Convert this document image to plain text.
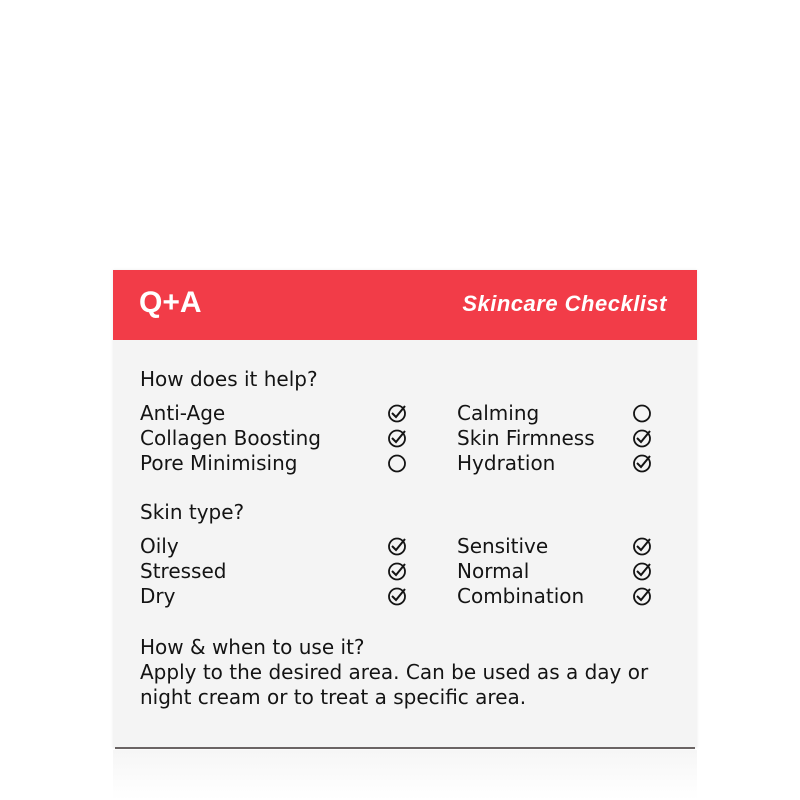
Q+A	Skincare Checklist
How does it help?
Anti-Age
Collagen Boosting
Pore Minimising
Calming
Skin Firmness
Hydration
Skin type?
Oily
Stressed
Dry
Sensitive
Normal
Combination
How & when to use it?
Apply to the desired area. Can be used as a day or
night cream or to treat a specific area.
